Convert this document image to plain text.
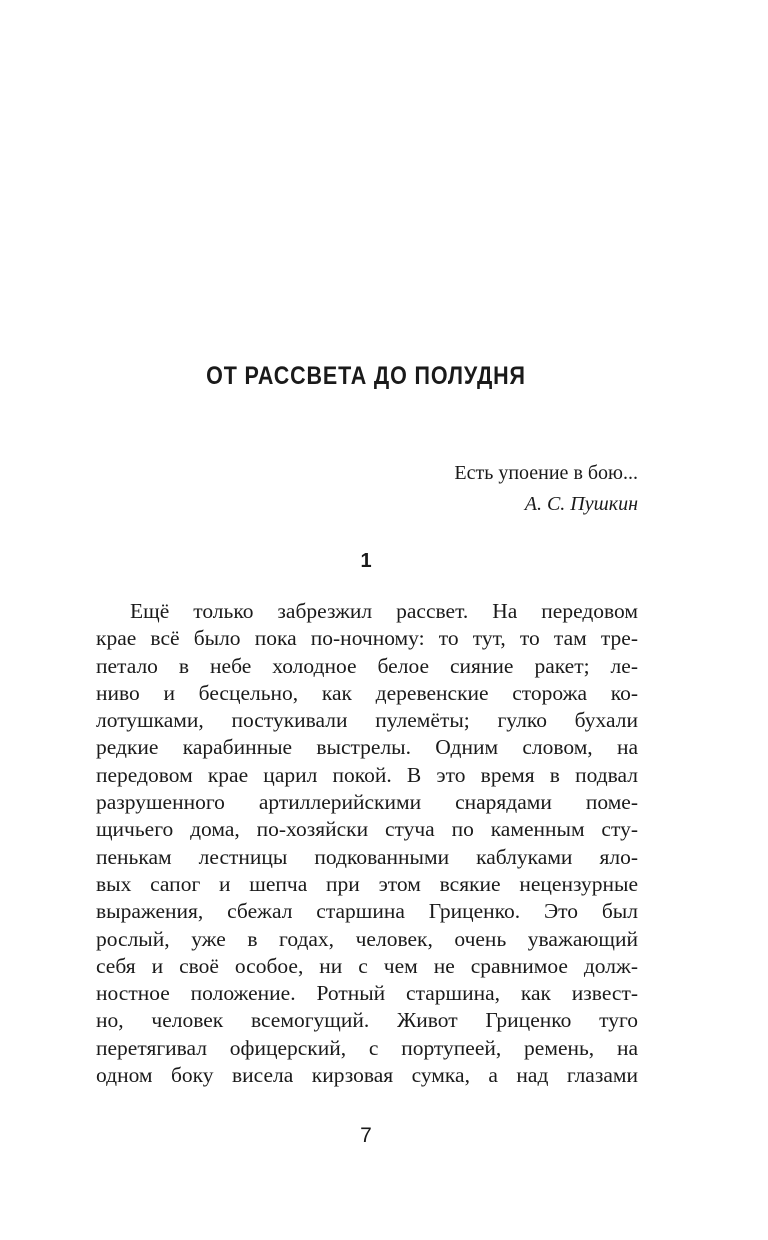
ОТ РАССВЕТА ДО ПОЛУДНЯ
Есть упоение в бою...
А. С. Пушкин
1
Ещё только забрезжил рассвет. На передовом
крае всё было пока по-ночному: то тут, то там тре-
петало в небе холодное белое сияние ракет; ле-
ниво и бесцельно, как деревенские сторожа ко-
лотушками, постукивали пулемёты; гулко бухали
редкие карабинные выстрелы. Одним словом, на
передовом крае царил покой. В это время в подвал
разрушенного артиллерийскими снарядами поме-
щичьего дома, по-хозяйски стуча по каменным сту-
пенькам лестницы подкованными каблуками яло-
вых сапог и шепча при этом всякие нецензурные
выражения, сбежал старшина Гриценко. Это был
рослый, уже в годах, человек, очень уважающий
себя и своё особое, ни с чем не сравнимое долж-
ностное положение. Ротный старшина, как извест-
но, человек всемогущий. Живот Гриценко туго
перетягивал офицерский, с портупеей, ремень, на
одном боку висела кирзовая сумка, а над глазами
7
